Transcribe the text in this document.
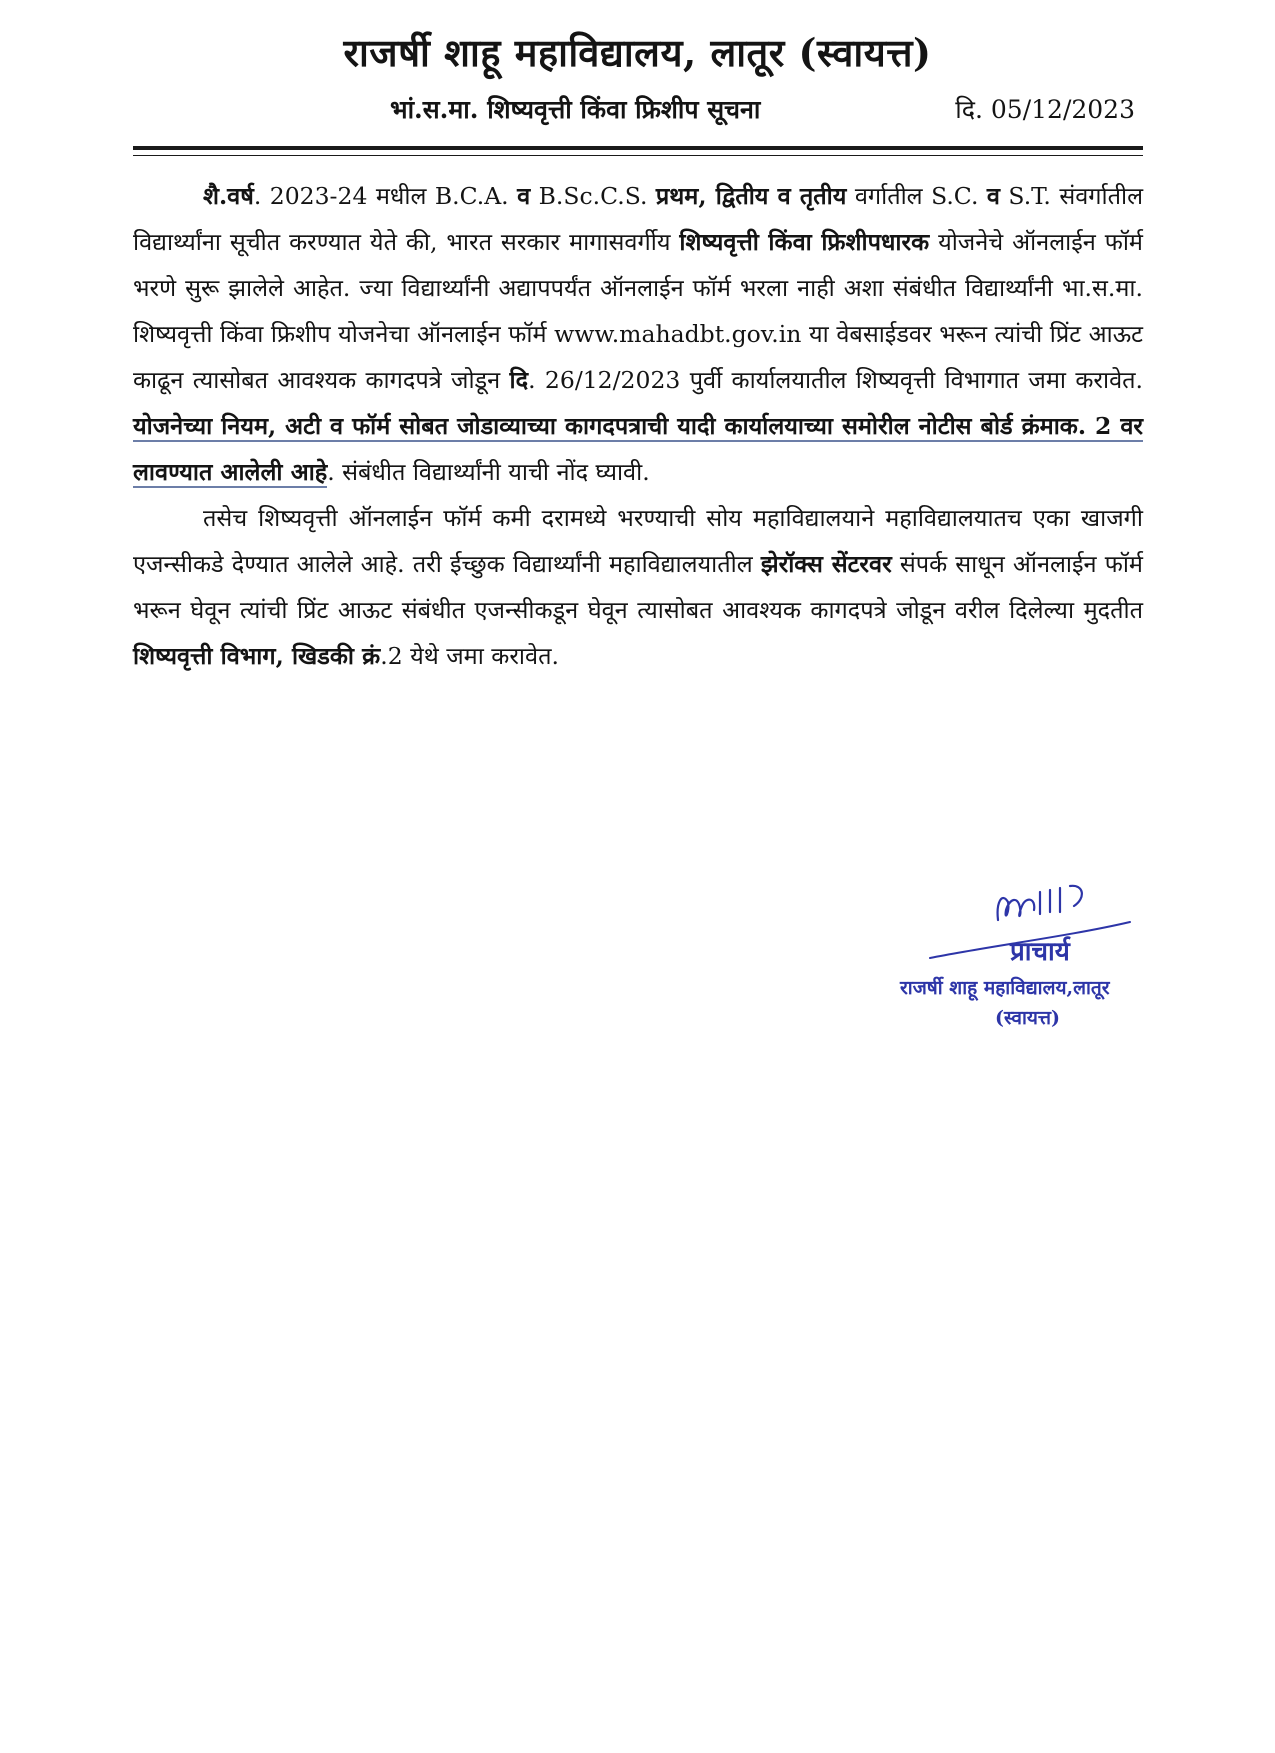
राजर्षी शाहू महाविद्यालय, लातूर (स्वायत्त)
भां.स.मा. शिष्यवृत्ती किंवा फ्रिशीप सूचना	दि. 05/12/2023

शै.वर्ष. 2023-24 मधील B.C.A. व B.Sc.C.S. प्रथम, द्वितीय व तृतीय वर्गातील S.C. व S.T. संवर्गातील विद्यार्थ्यांना सूचीत करण्यात येते की, भारत सरकार मागासवर्गीय शिष्यवृत्ती किंवा फ्रिशीपधारक योजनेचे ऑनलाईन फॉर्म भरणे सुरू झालेले आहेत. ज्या विद्यार्थ्यांनी अद्यापपर्यंत ऑनलाईन फॉर्म भरला नाही अशा संबंधीत विद्यार्थ्यांनी भा.स.मा. शिष्यवृत्ती किंवा फ्रिशीप योजनेचा ऑनलाईन फॉर्म www.mahadbt.gov.in या वेबसाईडवर भरून त्यांची प्रिंट आऊट काढून त्यासोबत आवश्यक कागदपत्रे जोडून दि. 26/12/2023 पुर्वी कार्यालयातील शिष्यवृत्ती विभागात जमा करावेत. योजनेच्या नियम, अटी व फॉर्म सोबत जोडाव्याच्या कागदपत्राची यादी कार्यालयाच्या समोरील नोटीस बोर्ड क्रंमाक. 2 वर लावण्यात आलेली आहे. संबंधीत विद्यार्थ्यांनी याची नोंद घ्यावी.

तसेच शिष्यवृत्ती ऑनलाईन फॉर्म कमी दरामध्ये भरण्याची सोय महाविद्यालयाने महाविद्यालयातच एका खाजगी एजन्सीकडे देण्यात आलेले आहे. तरी ईच्छुक विद्यार्थ्यांनी महाविद्यालयातील झेरॉक्स सेंटरवर संपर्क साधून ऑनलाईन फॉर्म भरून घेवून त्यांची प्रिंट आऊट संबंधीत एजन्सीकडून घेवून त्यासोबत आवश्यक कागदपत्रे जोडून वरील दिलेल्या मुदतीत शिष्यवृत्ती विभाग, खिडकी क्रं.2 येथे जमा करावेत.

प्राचार्य
राजर्षी शाहू महाविद्यालय,लातूर
(स्वायत्त)
